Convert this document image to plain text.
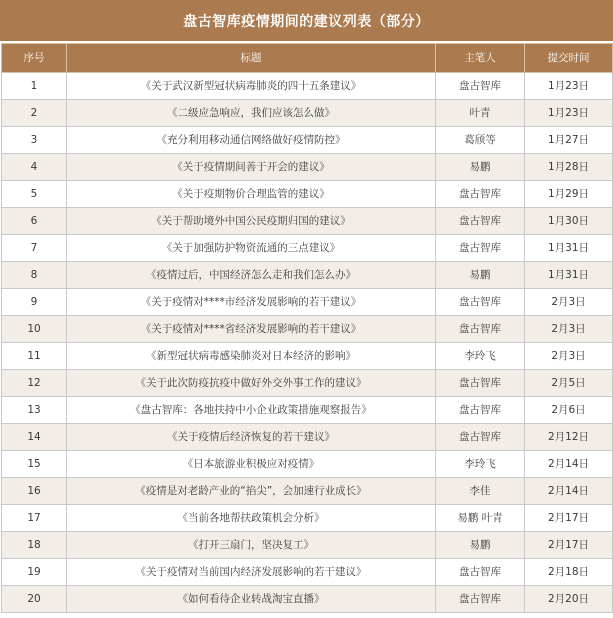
盘古智库疫情期间的建议列表（部分）
序号	标题	主笔人	提交时间
1	《关于武汉新型冠状病毒肺炎的四十五条建议》	盘古智库	1月23日
2	《二级应急响应，我们应该怎么做》	叶青	1月23日
3	《充分利用移动通信网络做好疫情防控》	葛颀等	1月27日
4	《关于疫情期间善于开会的建议》	易鹏	1月28日
5	《关于疫期物价合理监管的建议》	盘古智库	1月29日
6	《关于帮助境外中国公民疫期归国的建议》	盘古智库	1月30日
7	《关于加强防护物资流通的三点建议》	盘古智库	1月31日
8	《疫情过后，中国经济怎么走和我们怎么办》	易鹏	1月31日
9	《关于疫情对****市经济发展影响的若干建议》	盘古智库	2月3日
10	《关于疫情对****省经济发展影响的若干建议》	盘古智库	2月3日
11	《新型冠状病毒感染肺炎对日本经济的影响》	李玲飞	2月3日
12	《关于此次防疫抗疫中做好外交外事工作的建议》	盘古智库	2月5日
13	《盘古智库：各地扶持中小企业政策措施观察报告》	盘古智库	2月6日
14	《关于疫情后经济恢复的若干建议》	盘古智库	2月12日
15	《日本旅游业积极应对疫情》	李玲飞	2月14日
16	《疫情是对老龄产业的“掐尖”，会加速行业成长》	李佳	2月14日
17	《当前各地帮扶政策机会分析》	易鹏 叶青	2月17日
18	《打开三扇门，坚决复工》	易鹏	2月17日
19	《关于疫情对当前国内经济发展影响的若干建议》	盘古智库	2月18日
20	《如何看待企业转战淘宝直播》	盘古智库	2月20日
